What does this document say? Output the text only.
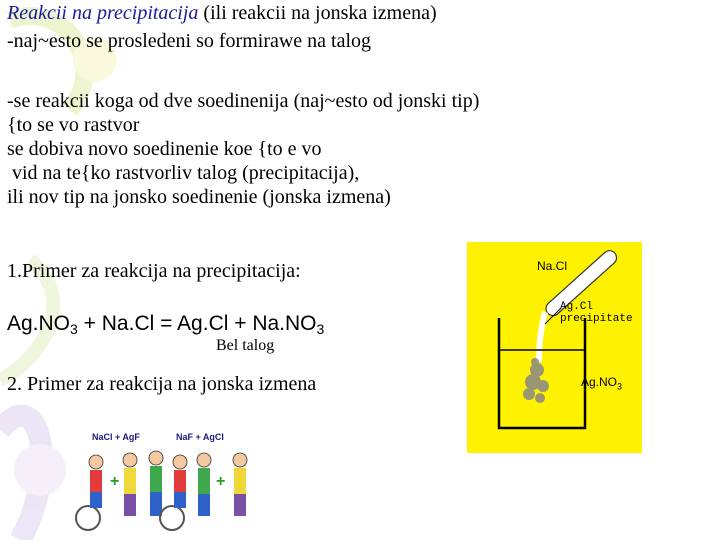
Reakcii na precipitacija (ili reakcii na jonska izmena)
-naj~esto se prosledeni so formirawe na talog
-se reakcii koga od dve soedinenija (naj~esto od jonski tip)
{to se vo rastvor
se dobiva novo soedinenie koe {to e vo
vid na te{ko rastvorliv talog (precipitacija),
ili nov tip na jonsko soedinenie (jonska izmena)
1.Primer za reakcija na precipitacija:
$Ag.NO_3 + Na.Cl = Ag.Cl + Na.NO_3$
Bel talog
2. Primer za reakcija na jonska izmena
Na.Cl
Ag.Cl
precipitate
$Ag.NO_3$
NaCl + AgF	NaF + AgCl
+	+
